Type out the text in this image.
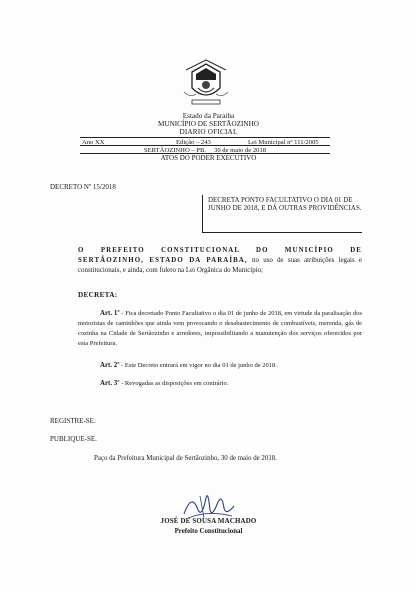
Estado da Paraiba
MUNICÍPIO DE SERTÃOZINHO
DIARIO OFICIAL
Ano XX	Edição – 243	Lei Municipal nº 111/2005
SERTÃOZINHO – PB. 30 de maio de 2018
ATOS DO PODER EXECUTIVO
DECRETO Nº 15/2018
DECRETA PONTO FACULTATIVO O DIA 01 DE JUNHO DE 2018, E DÁ OUTRAS PROVIDÊNCIAS.
O PREFEITO CONSTITUCIONAL DO MUNICÍPIO DE SERTÃOZINHO, ESTADO DA PARAÍBA, no uso de suas atribuições legais e constitucionais, e ainda, com fulero na Lei Orgânica do Município;
DECRETA:
Art. 1º - Fica decretado Ponto Facultativo o dia 01 de junho de 2018, em virtude da paralisação dos motoristas de caminhões que ainda vem provocando o desabastecimento de combustíveis, merenda, gás de cozinha na Cidade de Sertãozinho e arredores, impossibilitando a manutenção dos serviços oferecidos por esta Prefeitura.
Art. 2º - Este Decreto entrará em vigor no dia 01 de junho de 2018 .
Art. 3º - Revogadas as disposições em contrário.
REGISTRE-SE.
PUBLIQUE-SE.
Paço da Prefeitura Municipal de Sertãozinho, 30 de maio de 2018.
JOSÉ DE SOUSA MACHADO
Prefeito Constitucional
